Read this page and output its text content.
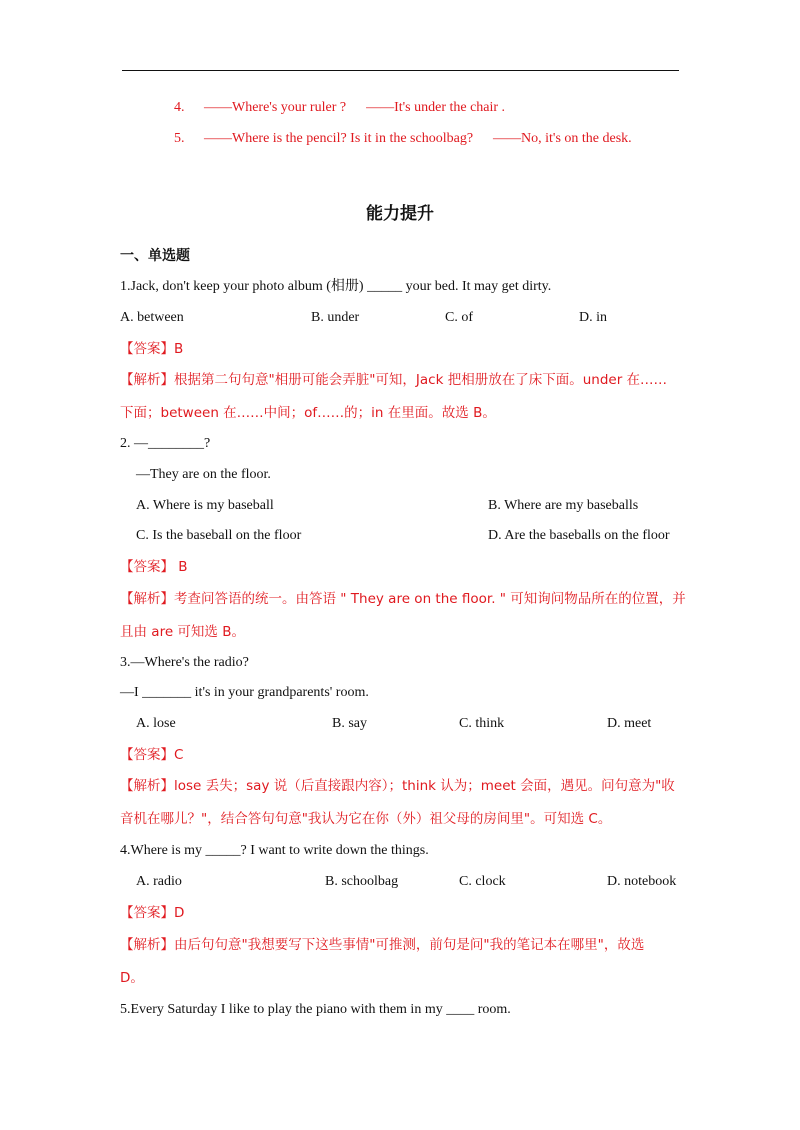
4. ——Where's your ruler ? ——It's under the chair .
5. ——Where is the pencil? Is it in the schoolbag? ——No, it's on the desk.
能力提升
一、单选题
1.Jack, don't keep your photo album (相册) _____ your bed. It may get dirty.
A. between	B. under	C. of	D. in
【答案】B
【解析】根据第二句句意"相册可能会弄脏"可知，Jack 把相册放在了床下面。under 在……
下面；between 在……中间；of……的；in 在里面。故选 B。
2. —________?
—They are on the floor.
A. Where is my baseball	B. Where are my baseballs
C. Is the baseball on the floor	D. Are the baseballs on the floor
【答案】 B
【解析】考查问答语的统一。由答语 " They are on the floor. " 可知询问物品所在的位置，并
且由 are 可知选 B。
3.—Where's the radio?
—I _______ it's in your grandparents' room.
A. lose	B. say	C. think	D. meet
【答案】C
【解析】lose 丢失；say 说（后直接跟内容）；think 认为；meet 会面，遇见。问句意为"收
音机在哪儿？"，结合答句句意"我认为它在你（外）祖父母的房间里"。可知选 C。
4.Where is my _____? I want to write down the things.
A. radio	B. schoolbag	C. clock	D. notebook
【答案】D
【解析】由后句句意"我想要写下这些事情"可推测，前句是问"我的笔记本在哪里"，故选
D。
5.Every Saturday I like to play the piano with them in my ____ room.
